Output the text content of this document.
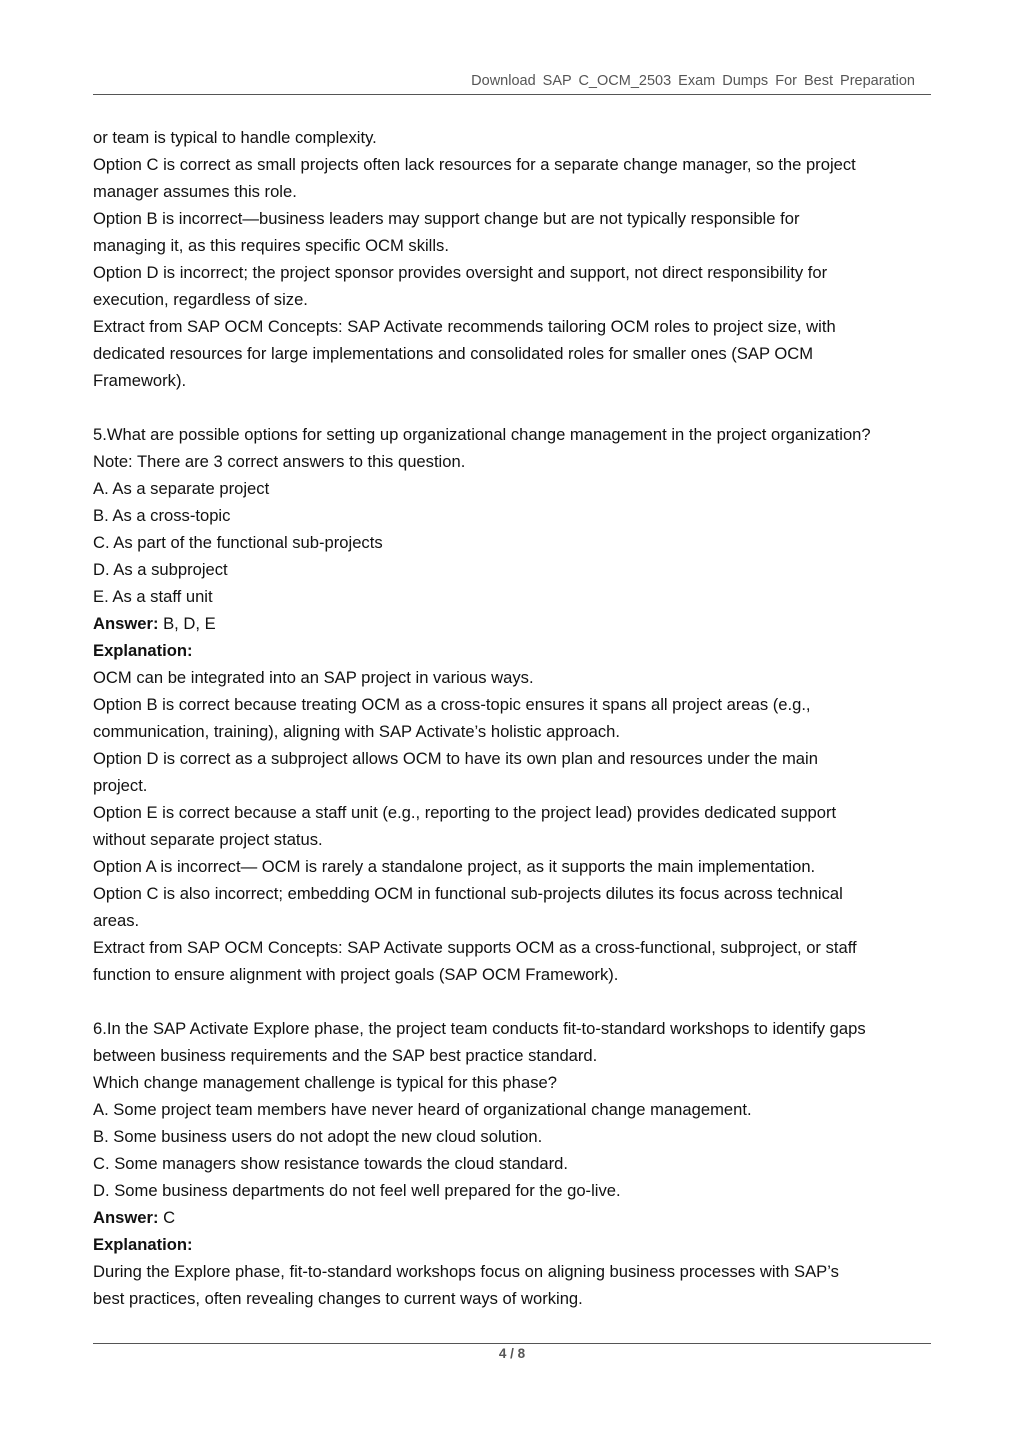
Download SAP C_OCM_2503 Exam Dumps For Best Preparation
or team is typical to handle complexity.
Option C is correct as small projects often lack resources for a separate change manager, so the project
manager assumes this role.
Option B is incorrect—business leaders may support change but are not typically responsible for
managing it, as this requires specific OCM skills.
Option D is incorrect; the project sponsor provides oversight and support, not direct responsibility for
execution, regardless of size.
Extract from SAP OCM Concepts: SAP Activate recommends tailoring OCM roles to project size, with
dedicated resources for large implementations and consolidated roles for smaller ones (SAP OCM
Framework).
5.What are possible options for setting up organizational change management in the project organization?
Note: There are 3 correct answers to this question.
A. As a separate project
B. As a cross-topic
C. As part of the functional sub-projects
D. As a subproject
E. As a staff unit
Answer: B, D, E
Explanation:
OCM can be integrated into an SAP project in various ways.
Option B is correct because treating OCM as a cross-topic ensures it spans all project areas (e.g.,
communication, training), aligning with SAP Activate’s holistic approach.
Option D is correct as a subproject allows OCM to have its own plan and resources under the main
project.
Option E is correct because a staff unit (e.g., reporting to the project lead) provides dedicated support
without separate project status.
Option A is incorrect— OCM is rarely a standalone project, as it supports the main implementation.
Option C is also incorrect; embedding OCM in functional sub-projects dilutes its focus across technical
areas.
Extract from SAP OCM Concepts: SAP Activate supports OCM as a cross-functional, subproject, or staff
function to ensure alignment with project goals (SAP OCM Framework).
6.In the SAP Activate Explore phase, the project team conducts fit-to-standard workshops to identify gaps
between business requirements and the SAP best practice standard.
Which change management challenge is typical for this phase?
A. Some project team members have never heard of organizational change management.
B. Some business users do not adopt the new cloud solution.
C. Some managers show resistance towards the cloud standard.
D. Some business departments do not feel well prepared for the go-live.
Answer: C
Explanation:
During the Explore phase, fit-to-standard workshops focus on aligning business processes with SAP’s
best practices, often revealing changes to current ways of working.
4 / 8
